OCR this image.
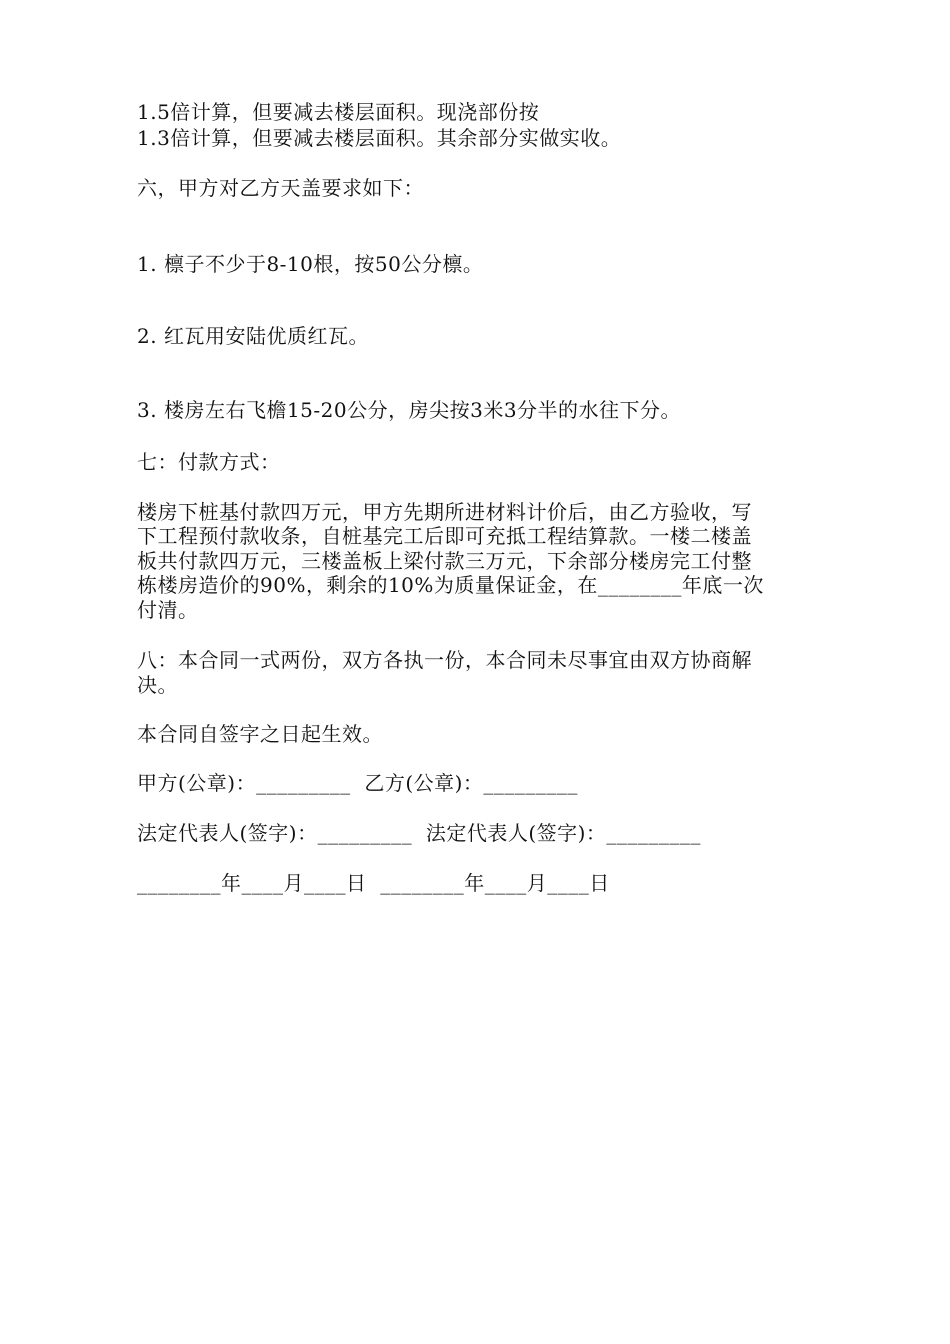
1.5倍计算，但要减去楼层面积。现浇部份按
1.3倍计算，但要减去楼层面积。其余部分实做实收。
六，甲方对乙方天盖要求如下：
1. 檩子不少于8-10根，按50公分檩。
2. 红瓦用安陆优质红瓦。
3. 楼房左右飞檐15-20公分，房尖按3米3分半的水往下分。
七：付款方式：
楼房下桩基付款四万元，甲方先期所进材料计价后，由乙方验收，写
下工程预付款收条，自桩基完工后即可充抵工程结算款。一楼二楼盖
板共付款四万元，三楼盖板上梁付款三万元，下余部分楼房完工付整
栋楼房造价的90%，剩余的10%为质量保证金，在________年底一次
付清。
八：本合同一式两份，双方各执一份，本合同未尽事宜由双方协商解
决。
本合同自签字之日起生效。
甲方(公章)：_________  乙方(公章)：_________
法定代表人(签字)：_________  法定代表人(签字)：_________
________年____月____日  ________年____月____日
